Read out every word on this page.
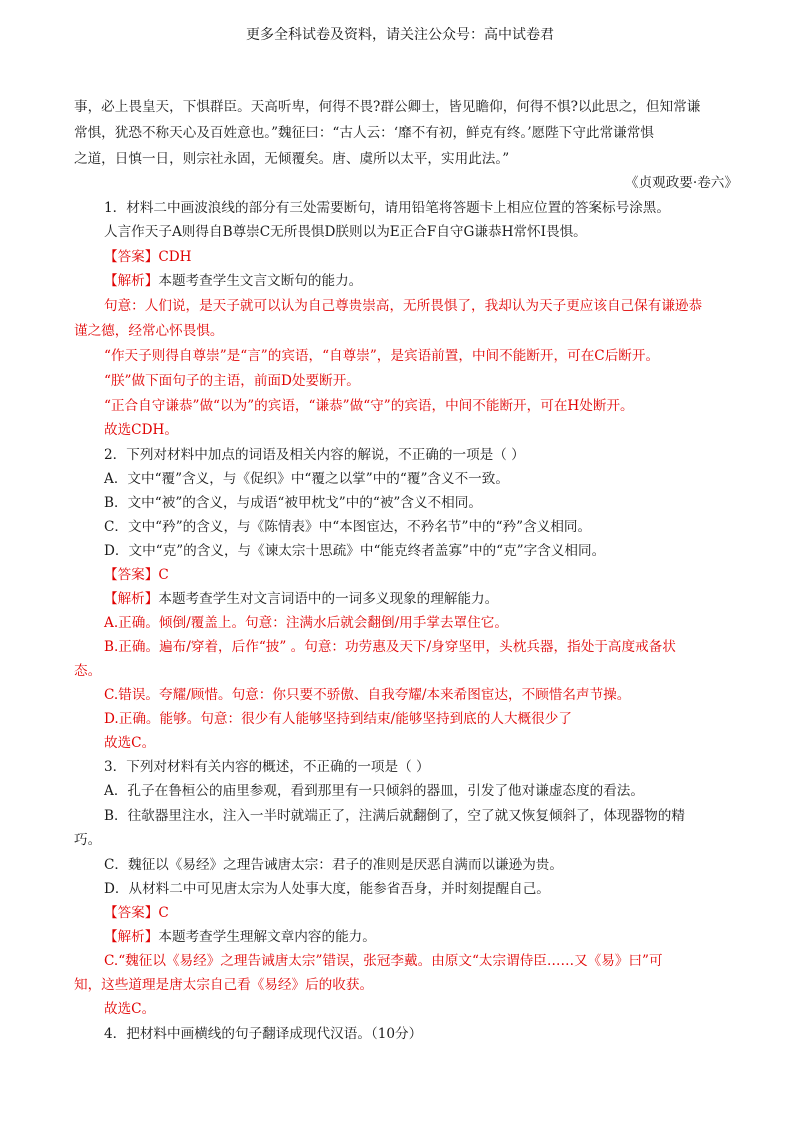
更多全科试卷及资料，请关注公众号：高中试卷君
事，必上畏皇天，下惧群臣。天高听卑，何得不畏?群公卿士，皆见瞻仰，何得不惧?以此思之，但知常谦
常惧，犹恐不称天心及百姓意也。”魏征曰：“古人云：‘靡不有初，鲜克有终。’愿陛下守此常谦常惧
之道，日慎一日，则宗社永固，无倾覆矣。唐、虞所以太平，实用此法。”
《贞观政要·卷六》
1．材料二中画波浪线的部分有三处需要断句，请用铅笔将答题卡上相应位置的答案标号涂黑。
人言作天子A则得自B尊崇C无所畏惧D朕则以为E正合F自守G谦恭H常怀I畏惧。
【答案】CDH
【解析】本题考查学生文言文断句的能力。
句意：人们说，是天子就可以认为自己尊贵崇高，无所畏惧了，我却认为天子更应该自己保有谦逊恭
谨之德，经常心怀畏惧。
“作天子则得自尊崇”是“言”的宾语，“自尊崇”，是宾语前置，中间不能断开，可在C后断开。
“朕”做下面句子的主语，前面D处要断开。
“正合自守谦恭”做“以为”的宾语，“谦恭”做“守”的宾语，中间不能断开，可在H处断开。
故选CDH。
2．下列对材料中加点的词语及相关内容的解说，不正确的一项是（ ）
A．文中“覆”含义，与《促织》中“覆之以掌”中的“覆”含义不一致。
B．文中“被”的含义，与成语“被甲枕戈”中的“被”含义不相同。
C．文中“矜”的含义，与《陈情表》中“本图宦达，不矜名节”中的“矜”含义相同。
D．文中“克”的含义，与《谏太宗十思疏》中“能克终者盖寡”中的“克”字含义相同。
【答案】C
【解析】本题考查学生对文言词语中的一词多义现象的理解能力。
A.正确。倾倒/覆盖上。句意：注满水后就会翻倒/用手掌去罩住它。
B.正确。遍布/穿着，后作“披” 。句意：功劳惠及天下/身穿坚甲，头枕兵器，指处于高度戒备状
态。
C.错误。夸耀/顾惜。句意：你只要不骄傲、自我夸耀/本来希图宦达，不顾惜名声节操。
D.正确。能够。句意：很少有人能够坚持到结束/能够坚持到底的人大概很少了
故选C。
3．下列对材料有关内容的概述，不正确的一项是（ ）
A．孔子在鲁桓公的庙里参观，看到那里有一只倾斜的器皿，引发了他对谦虚态度的看法。
B．往欹器里注水，注入一半时就端正了，注满后就翻倒了，空了就又恢复倾斜了，体现器物的精
巧。
C．魏征以《易经》之理告诫唐太宗：君子的准则是厌恶自满而以谦逊为贵。
D．从材料二中可见唐太宗为人处事大度，能参省吾身，并时刻提醒自己。
【答案】C
【解析】本题考查学生理解文章内容的能力。
C.“魏征以《易经》之理告诫唐太宗”错误，张冠李戴。由原文“太宗谓侍臣……又《易》曰”可
知，这些道理是唐太宗自己看《易经》后的收获。
故选C。
4．把材料中画横线的句子翻译成现代汉语。（10分）
